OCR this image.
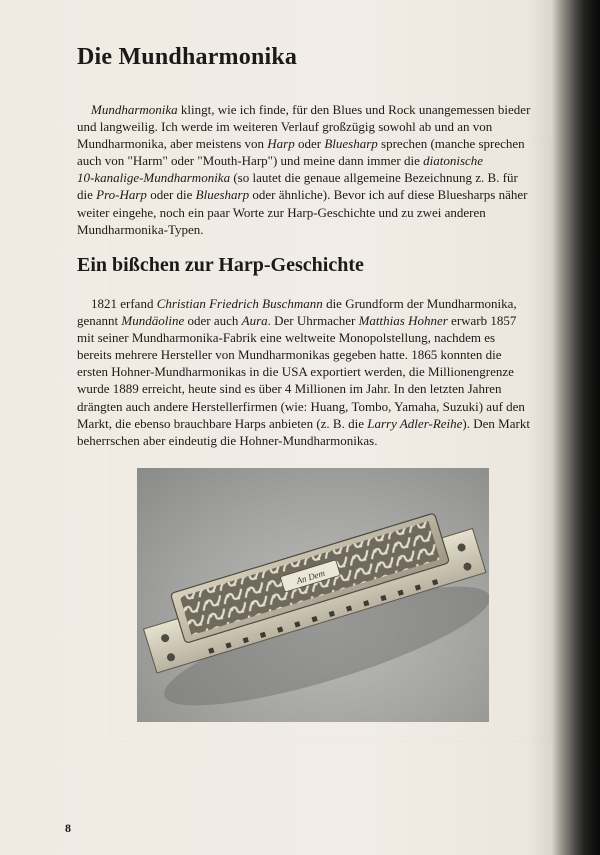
Die Mundharmonika
Mundharmonika klingt, wie ich finde, für den Blues und Rock unangemessen bieder
und langweilig. Ich werde im weiteren Verlauf großzügig sowohl ab und an von
Mundharmonika, aber meistens von Harp oder Bluesharp sprechen (manche sprechen
auch von "Harm" oder "Mouth-Harp") und meine dann immer die diatonische
10-kanalige-Mundharmonika (so lautet die genaue allgemeine Bezeichnung z. B. für
die Pro-Harp oder die Bluesharp oder ähnliche). Bevor ich auf diese Bluesharps näher
weiter eingehe, noch ein paar Worte zur Harp-Geschichte und zu zwei anderen
Mundharmonika-Typen.
Ein bißchen zur Harp-Geschichte
1821 erfand Christian Friedrich Buschmann die Grundform der Mundharmonika,
genannt Mundäoline oder auch Aura. Der Uhrmacher Matthias Hohner erwarb 1857
mit seiner Mundharmonika-Fabrik eine weltweite Monopolstellung, nachdem es
bereits mehrere Hersteller von Mundharmonikas gegeben hatte. 1865 konnten die
ersten Hohner-Mundharmonikas in die USA exportiert werden, die Millionengrenze
wurde 1889 erreicht, heute sind es über 4 Millionen im Jahr. In den letzten Jahren
drängten auch andere Herstellerfirmen (wie: Huang, Tombo, Yamaha, Suzuki) auf den
Markt, die ebenso brauchbare Harps anbieten (z. B. die Larry Adler-Reihe). Den Markt
beherrschen aber eindeutig die Hohner-Mundharmonikas.
An Dem
8
